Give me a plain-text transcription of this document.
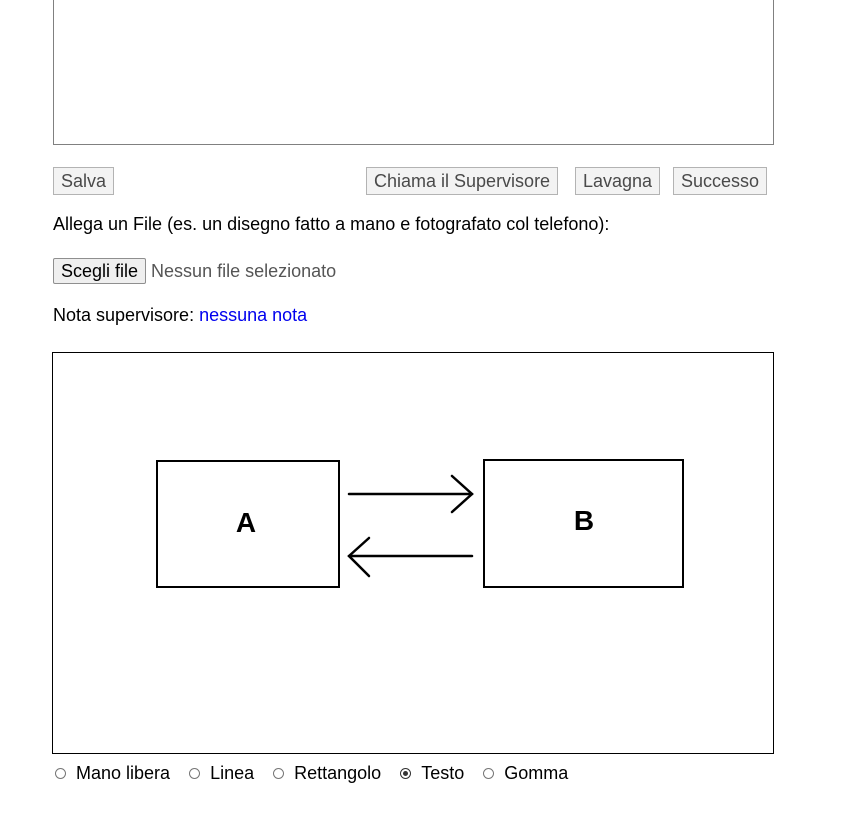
Salva	Chiama il Supervisore	Lavagna	Successo
Allega un File (es. un disegno fatto a mano e fotografato col telefono):
Scegli file Nessun file selezionato
Nota supervisore: nessuna nota
A	B
Mano libera Linea Rettangolo Testo Gomma
